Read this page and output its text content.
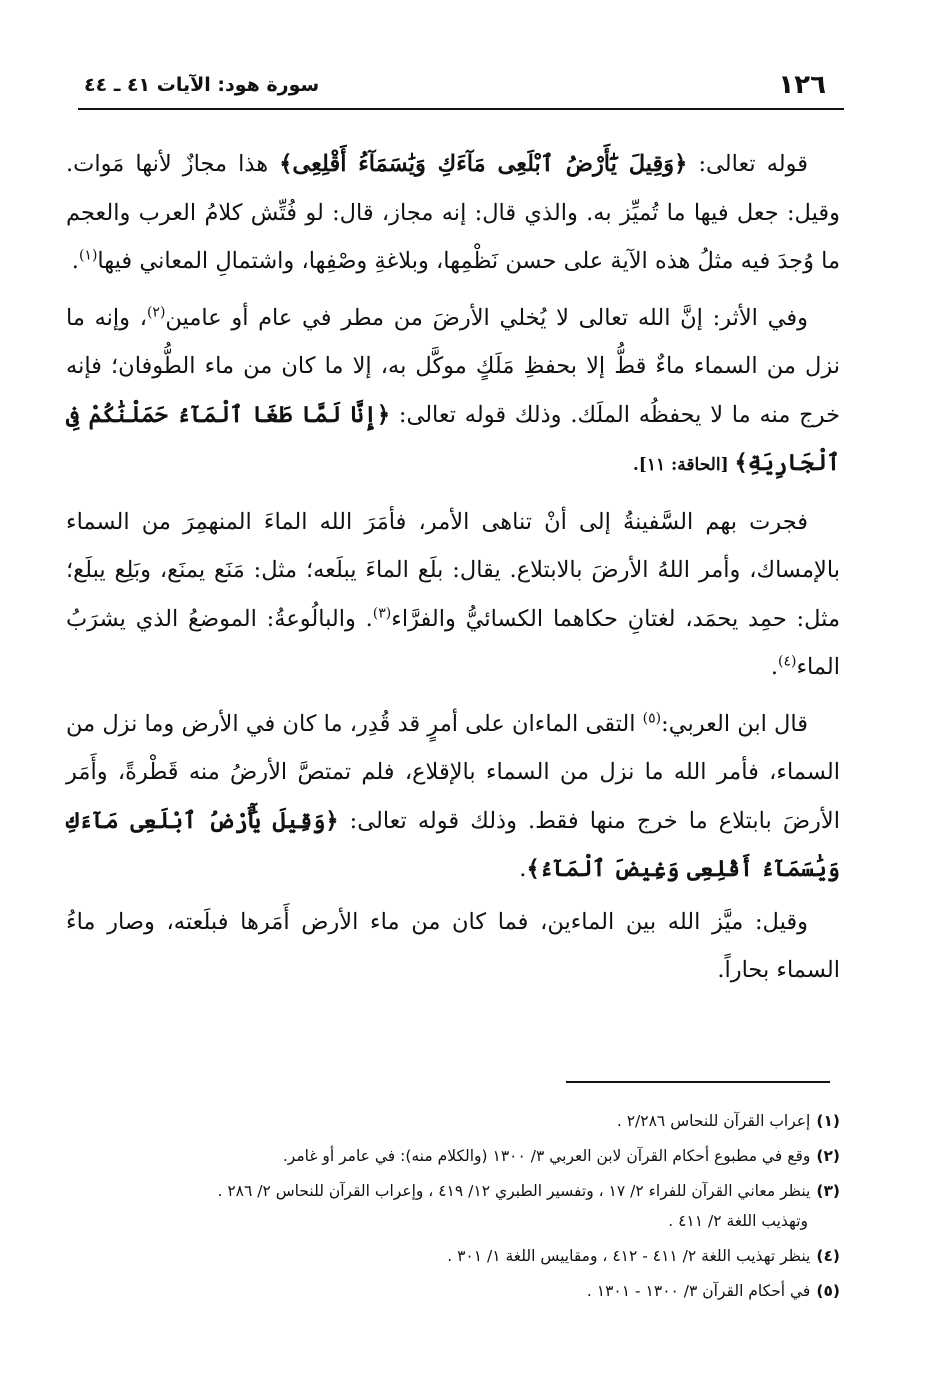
١٢٦
سورة هود: الآيات ٤١ ـ ٤٤

قوله تعالى: ﴿وَقِيلَ يَٰٓأَرْضُ ٱبْلَعِى مَآءَكِ وَيَٰسَمَآءُ أَقْلِعِى﴾ هذا مجازٌ لأنها مَوات. وقيل: جعل فيها ما تُميِّز به. والذي قال: إنه مجاز، قال: لو فُتِّش كلامُ العرب والعجم ما وُجدَ فيه مثلُ هذه الآية على حسن نَظْمِها، وبلاغةِ وصْفِها، واشتمالِ المعاني فيها$^{(١)}$.

وفي الأثر: إنَّ الله تعالى لا يُخلي الأرضَ من مطر في عام أو عامين$^{(٢)}$، وإنه ما نزل من السماء ماءٌ قطُّ إلا بحفظِ مَلَكٍ موكَّل به، إلا ما كان من ماء الطُّوفان؛ فإنه خرج منه ما لا يحفظُه الملَك. وذلك قوله تعالى: ﴿إِنَّا لَمَّا طَغَا ٱلْمَآءُ حَمَلْنَٰكُمْ فِى ٱلْجَارِيَةِ﴾ [الحاقة: ١١].

فجرت بهم السَّفينةُ إلى أنْ تناهى الأمر، فأمَرَ الله الماءَ المنهمِرَ من السماء بالإمساك، وأمر اللهُ الأرضَ بالابتلاع. يقال: بلَع الماءَ يبلَعه؛ مثل: مَنَع يمنَع، وبَلِع يبلَع؛ مثل: حمِد يحمَد، لغتانِ حكاهما الكسائيُّ والفرَّاء$^{(٣)}$. والبالُوعةُ: الموضعُ الذي يشرَبُ الماء$^{(٤)}$.

قال ابن العربي:$^{(٥)}$ التقى الماءان على أمرٍ قد قُدِر، ما كان في الأرض وما نزل من السماء، فأمر الله ما نزل من السماء بالإقلاع، فلم تمتصَّ الأرضُ منه قَطْرةً، وأَمَر الأرضَ بابتلاع ما خرج منها فقط. وذلك قوله تعالى: ﴿وَقِيلَ يَٰٓأَرْضُ ٱبْلَعِى مَآءَكِ وَيَٰسَمَآءُ أَقْلِعِى وَغِيضَ ٱلْمَآءُ﴾.

وقيل: ميَّز الله بين الماءين، فما كان من ماء الأرض أَمَرها فبلَعته، وصار ماءُ السماء بحاراً.

(١)إعراب القرآن للنحاس ٢/٢٨٦ .

(٢)وقع في مطبوع أحكام القرآن لابن العربي ٣/ ١٣٠٠ (والكلام منه): في عامر أو غامر.

(٣)ينظر معاني القرآن للفراء ٢/ ١٧ ، وتفسير الطبري ١٢/ ٤١٩ ، وإعراب القرآن للنحاس ٢/ ٢٨٦ .
وتهذيب اللغة ٢/ ٤١١ .

(٤)ينظر تهذيب اللغة ٢/ ٤١١ - ٤١٢ ، ومقاييس اللغة ١/ ٣٠١ .

(٥)في أحكام القرآن ٣/ ١٣٠٠ - ١٣٠١ .
